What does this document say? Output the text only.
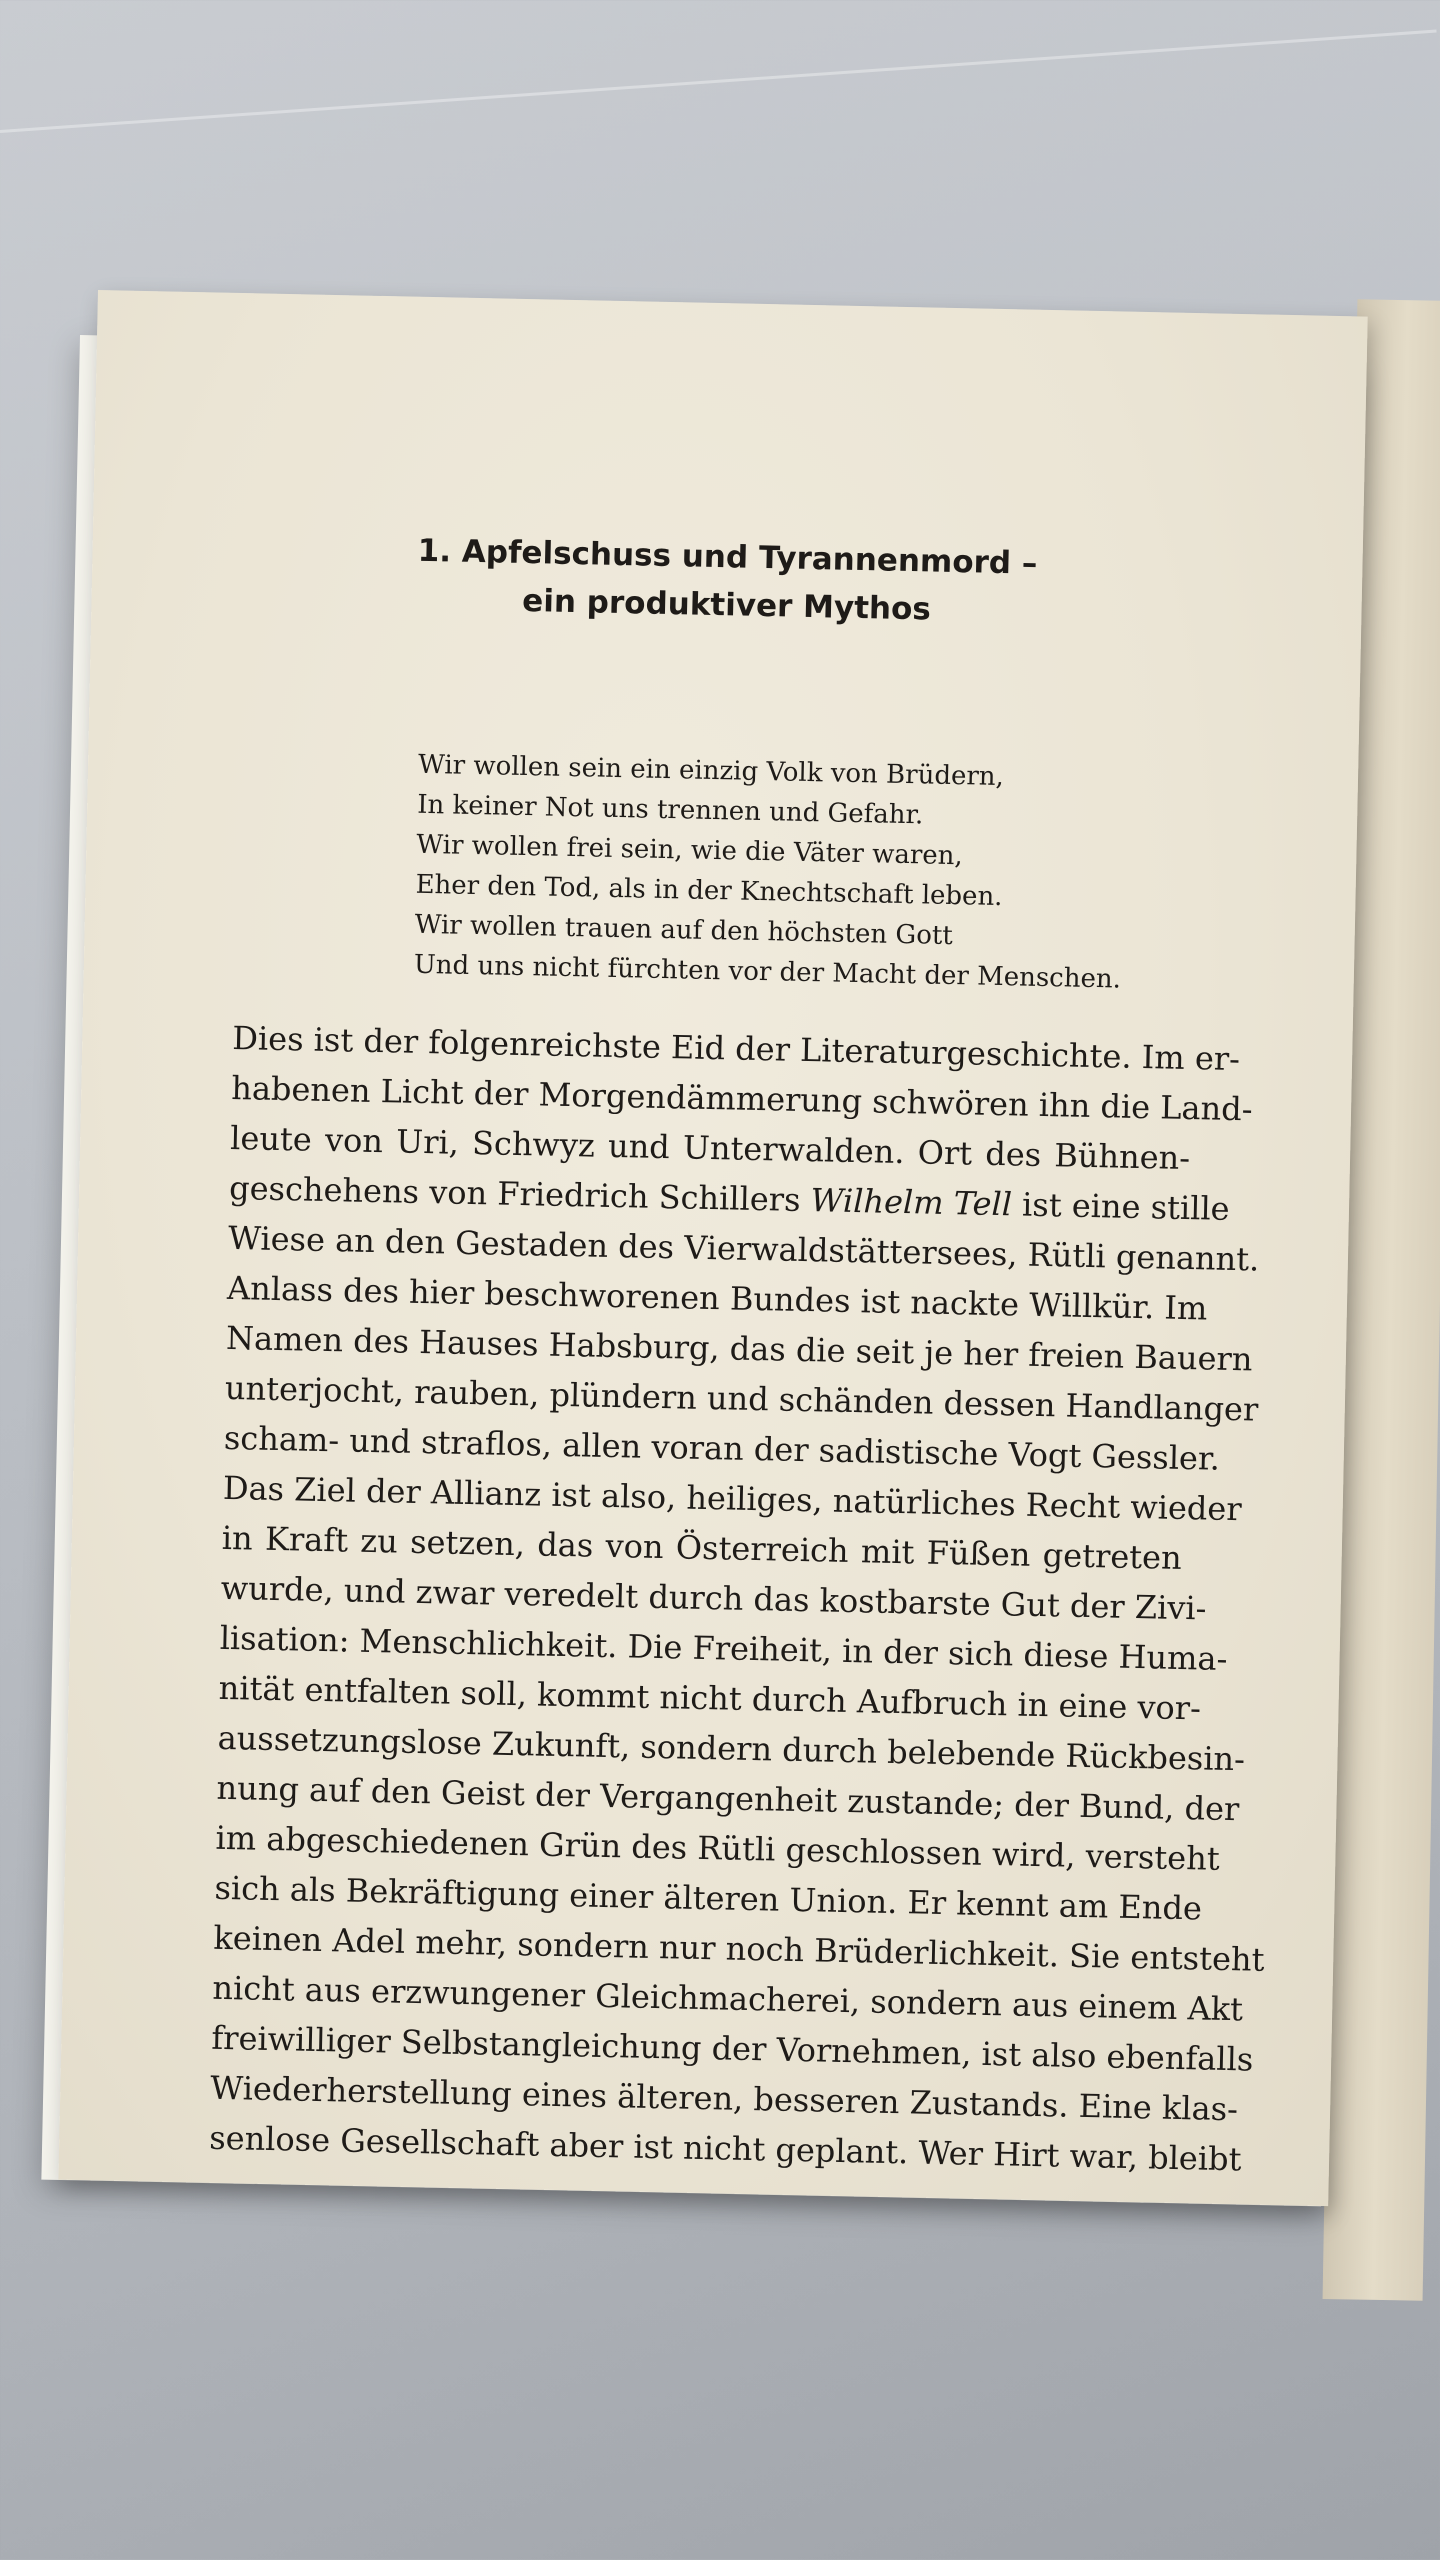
1. Apfelschuss und Tyrannenmord –
ein produktiver Mythos
Wir wollen sein ein einzig Volk von Brüdern,
In keiner Not uns trennen und Gefahr.
Wir wollen frei sein, wie die Väter waren,
Eher den Tod, als in der Knechtschaft leben.
Wir wollen trauen auf den höchsten Gott
Und uns nicht fürchten vor der Macht der Menschen.
Dies ist der folgenreichste Eid der Literaturgeschichte. Im er-
habenen Licht der Morgendämmerung schwören ihn die Land-
leute von Uri, Schwyz und Unterwalden. Ort des Bühnen-
geschehens von Friedrich Schillers Wilhelm Tell ist eine stille
Wiese an den Gestaden des Vierwaldstättersees, Rütli genannt.
Anlass des hier beschworenen Bundes ist nackte Willkür. Im
Namen des Hauses Habsburg, das die seit je her freien Bauern
unterjocht, rauben, plündern und schänden dessen Handlanger
scham- und straflos, allen voran der sadistische Vogt Gessler.
Das Ziel der Allianz ist also, heiliges, natürliches Recht wieder
in Kraft zu setzen, das von Österreich mit Füßen getreten
wurde, und zwar veredelt durch das kostbarste Gut der Zivi-
lisation: Menschlichkeit. Die Freiheit, in der sich diese Huma-
nität entfalten soll, kommt nicht durch Aufbruch in eine vor-
aussetzungslose Zukunft, sondern durch belebende Rückbesin-
nung auf den Geist der Vergangenheit zustande; der Bund, der
im abgeschiedenen Grün des Rütli geschlossen wird, versteht
sich als Bekräftigung einer älteren Union. Er kennt am Ende
keinen Adel mehr, sondern nur noch Brüderlichkeit. Sie entsteht
nicht aus erzwungener Gleichmacherei, sondern aus einem Akt
freiwilliger Selbstangleichung der Vornehmen, ist also ebenfalls
Wiederherstellung eines älteren, besseren Zustands. Eine klas-
senlose Gesellschaft aber ist nicht geplant. Wer Hirt war, bleibt
